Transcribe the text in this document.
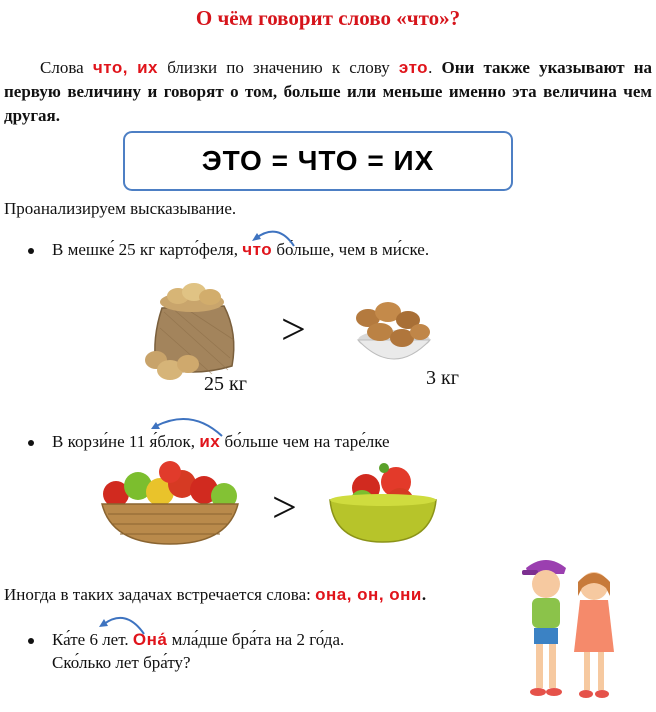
О чём говорит слово «что»?
Слова что, их близки по значению к слову это. Они также указывают на первую величину и говорят о том, больше или меньше именно эта величина чем другая.
ЭТО = ЧТО = ИХ
Проанализируем высказывание.
В мешке́ 25 кг карто́феля, что бо́льше, чем в ми́ске.
25 кг
>
3 кг
В корзи́не 11 я́блок, их бо́льше чем на таре́лке
>
Иногда в таких задачах встречается слова: она, он, они.
Ка́те 6 лет. Она́ мла́дше бра́та на 2 го́да.
Ско́лько лет бра́ту?
